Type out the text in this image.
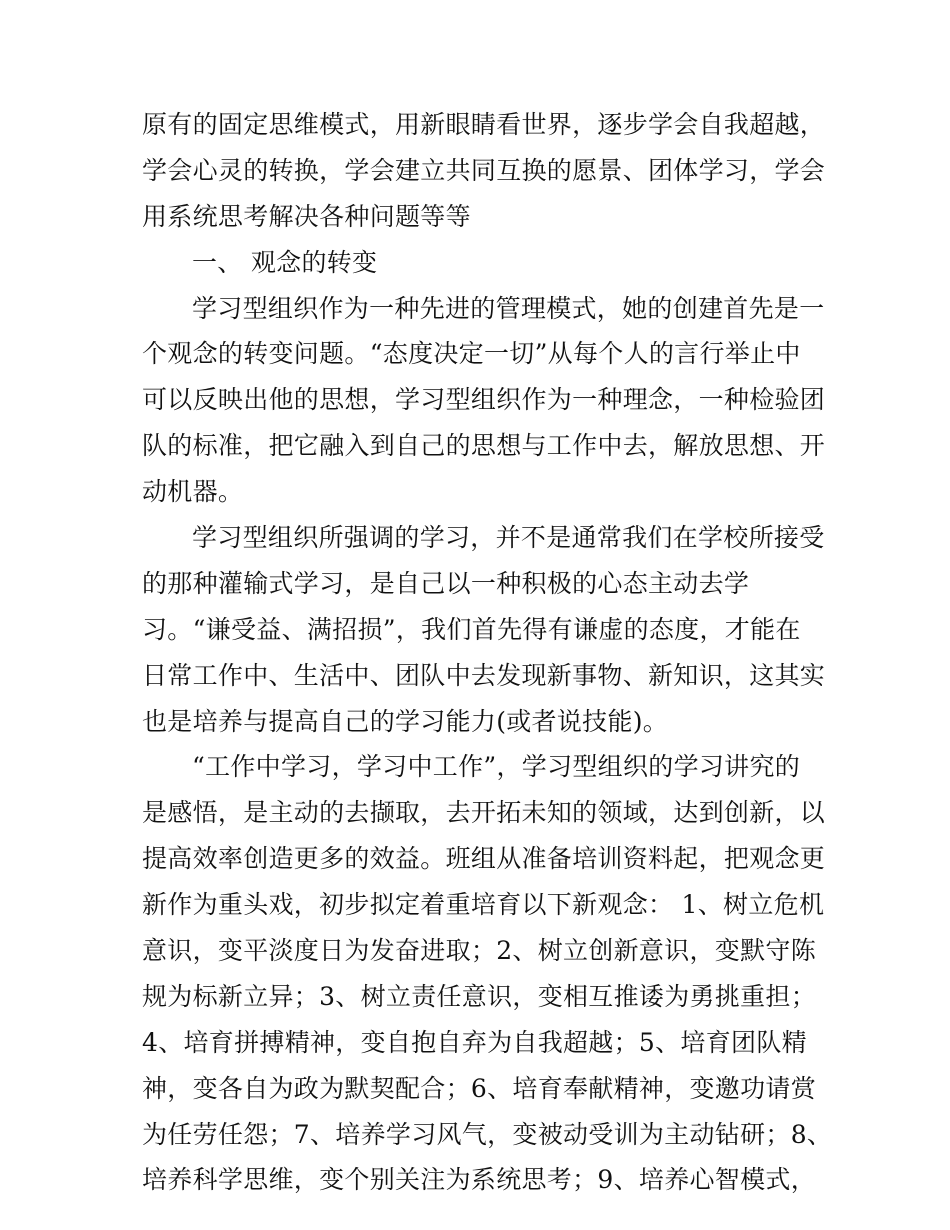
原有的固定思维模式，用新眼睛看世界，逐步学会自我超越，
学会心灵的转换，学会建立共同互换的愿景、团体学习，学会
用系统思考解决各种问题等等
一、 观念的转变
学习型组织作为一种先进的管理模式，她的创建首先是一
个观念的转变问题。“态度决定一切”从每个人的言行举止中
可以反映出他的思想，学习型组织作为一种理念，一种检验团
队的标准，把它融入到自己的思想与工作中去，解放思想、开
动机器。
学习型组织所强调的学习，并不是通常我们在学校所接受
的那种灌输式学习，是自己以一种积极的心态主动去学
习。“谦受益、满招损”，我们首先得有谦虚的态度，才能在
日常工作中、生活中、团队中去发现新事物、新知识，这其实
也是培养与提高自己的学习能力(或者说技能)。
“工作中学习，学习中工作”，学习型组织的学习讲究的
是感悟，是主动的去撷取，去开拓未知的领域，达到创新，以
提高效率创造更多的效益。班组从准备培训资料起，把观念更
新作为重头戏，初步拟定着重培育以下新观念： 1、树立危机
意识，变平淡度日为发奋进取；2、树立创新意识，变默守陈
规为标新立异；3、树立责任意识，变相互推诿为勇挑重担；
4、培育拼搏精神，变自抱自弃为自我超越；5、培育团队精
神，变各自为政为默契配合；6、培育奉献精神，变邀功请赏
为任劳任怨；7、培养学习风气，变被动受训为主动钻研；8、
培养科学思维，变个别关注为系统思考；9、培养心智模式，
